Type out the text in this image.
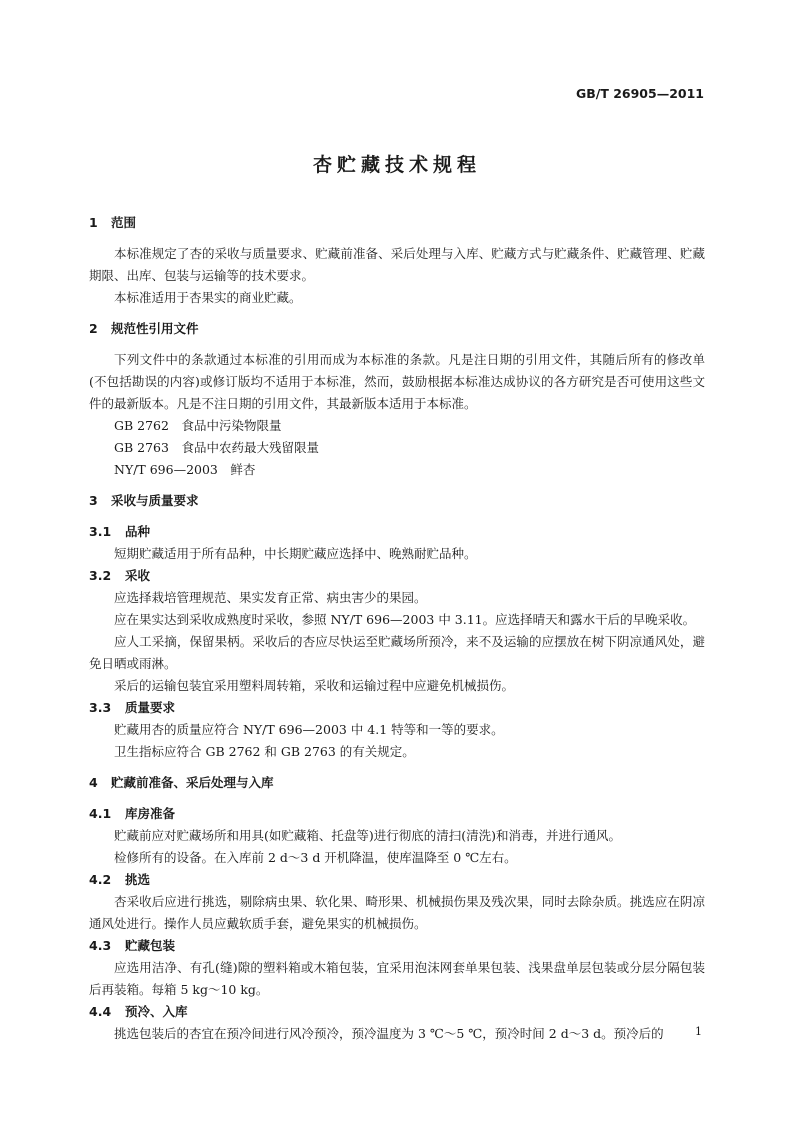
GB/T 26905—2011
杏贮藏技术规程
1 范围
本标准规定了杏的采收与质量要求、贮藏前准备、采后处理与入库、贮藏方式与贮藏条件、贮藏管理、贮藏期限、出库、包装与运输等的技术要求。
本标准适用于杏果实的商业贮藏。
2 规范性引用文件
下列文件中的条款通过本标准的引用而成为本标准的条款。凡是注日期的引用文件，其随后所有的修改单(不包括勘误的内容)或修订版均不适用于本标准，然而，鼓励根据本标准达成协议的各方研究是否可使用这些文件的最新版本。凡是不注日期的引用文件，其最新版本适用于本标准。
GB 2762　食品中污染物限量
GB 2763　食品中农药最大残留限量
NY/T 696—2003　鲜杏
3 采收与质量要求
3.1 品种
短期贮藏适用于所有品种，中长期贮藏应选择中、晚熟耐贮品种。
3.2 采收
应选择栽培管理规范、果实发育正常、病虫害少的果园。
应在果实达到采收成熟度时采收，参照 NY/T 696—2003 中 3.11。应选择晴天和露水干后的早晚采收。
应人工采摘，保留果柄。采收后的杏应尽快运至贮藏场所预冷，来不及运输的应摆放在树下阴凉通风处，避免日晒或雨淋。
采后的运输包装宜采用塑料周转箱，采收和运输过程中应避免机械损伤。
3.3 质量要求
贮藏用杏的质量应符合 NY/T 696—2003 中 4.1 特等和一等的要求。
卫生指标应符合 GB 2762 和 GB 2763 的有关规定。
4 贮藏前准备、采后处理与入库
4.1 库房准备
贮藏前应对贮藏场所和用具(如贮藏箱、托盘等)进行彻底的清扫(清洗)和消毒，并进行通风。
检修所有的设备。在入库前 2 d～3 d 开机降温，使库温降至 0 ℃左右。
4.2 挑选
杏采收后应进行挑选，剔除病虫果、软化果、畸形果、机械损伤果及残次果，同时去除杂质。挑选应在阴凉通风处进行。操作人员应戴软质手套，避免果实的机械损伤。
4.3 贮藏包装
应选用洁净、有孔(缝)隙的塑料箱或木箱包装，宜采用泡沫网套单果包装、浅果盘单层包装或分层分隔包装后再装箱。每箱 5 kg～10 kg。
4.4 预冷、入库
挑选包装后的杏宜在预冷间进行风冷预冷，预冷温度为 3 ℃～5 ℃，预冷时间 2 d～3 d。预冷后的	1
